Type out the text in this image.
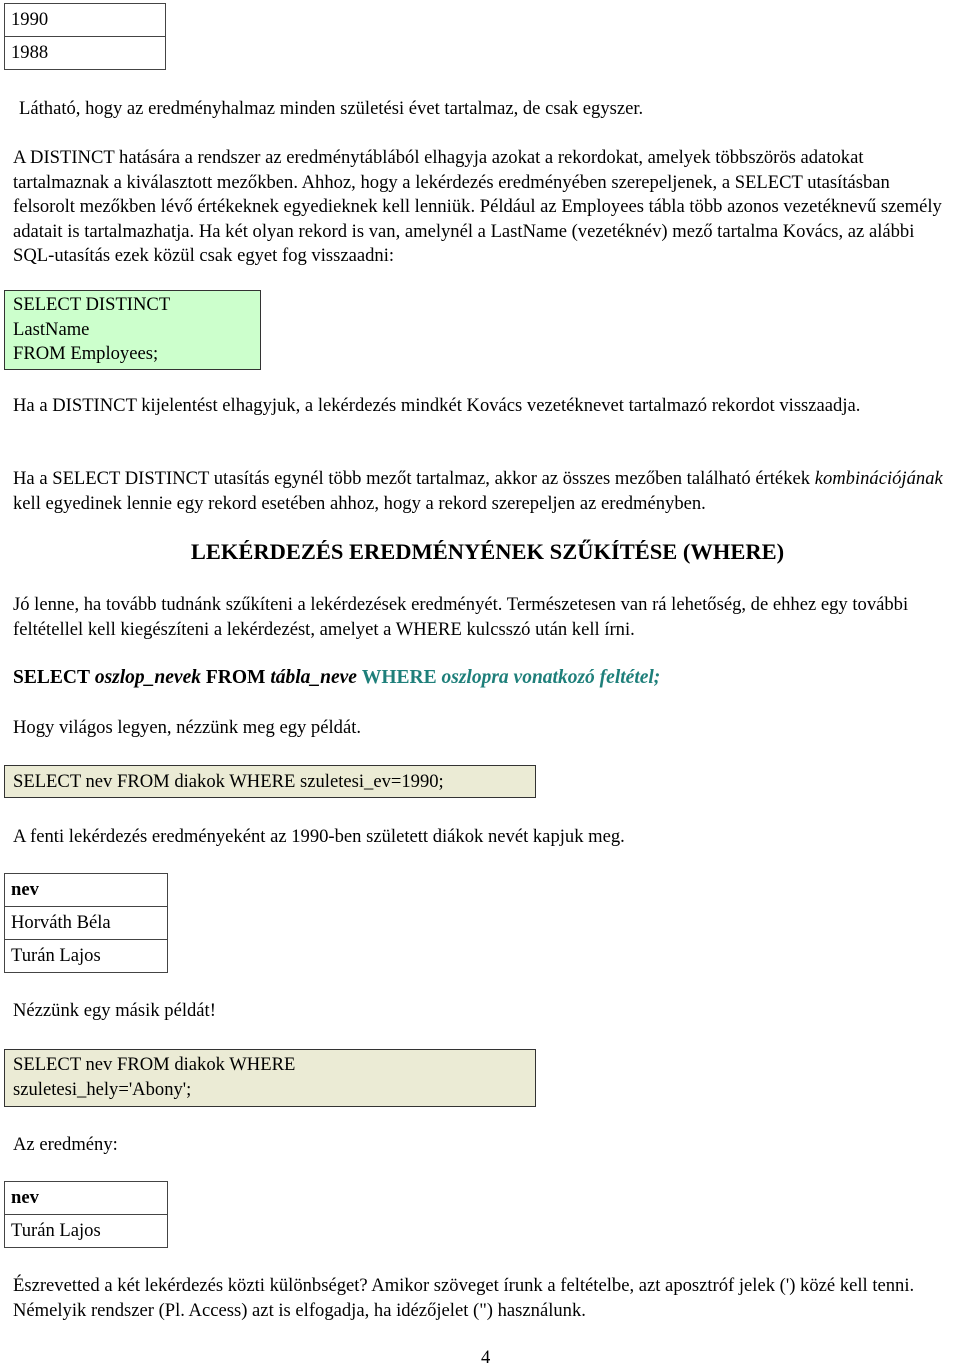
1990
1988

Látható, hogy az eredményhalmaz minden születési évet tartalmaz, de csak egyszer.

A DISTINCT hatására a rendszer az eredménytáblából elhagyja azokat a rekordokat, amelyek többszörös adatokat tartalmaznak a kiválasztott mezőkben. Ahhoz, hogy a lekérdezés eredményében szerepeljenek, a SELECT utasításban felsorolt mezőkben lévő értékeknek egyedieknek kell lenniük. Például az Employees tábla több azonos vezetéknevű személy adatait is tartalmazhatja. Ha két olyan rekord is van, amelynél a LastName (vezetéknév) mező tartalma Kovács, az alábbi SQL-utasítás ezek közül csak egyet fog visszaadni:

SELECT DISTINCT
LastName
FROM Employees;

Ha a DISTINCT kijelentést elhagyjuk, a lekérdezés mindkét Kovács vezetéknevet tartalmazó rekordot visszaadja.

Ha a SELECT DISTINCT utasítás egynél több mezőt tartalmaz, akkor az összes mezőben található értékek kombinációjának kell egyedinek lennie egy rekord esetében ahhoz, hogy a rekord szerepeljen az eredményben.

LEKÉRDEZÉS EREDMÉNYÉNEK SZŰKÍTÉSE (WHERE)

Jó lenne, ha tovább tudnánk szűkíteni a lekérdezések eredményét. Természetesen van rá lehetőség, de ehhez egy további feltétellel kell kiegészíteni a lekérdezést, amelyet a WHERE kulcsszó után kell írni.

SELECT oszlop_nevek FROM tábla_neve WHERE oszlopra vonatkozó feltétel;

Hogy világos legyen, nézzünk meg egy példát.

SELECT nev FROM diakok WHERE szuletesi_ev=1990;

A fenti lekérdezés eredményeként az 1990-ben született diákok nevét kapjuk meg.

nev
Horváth Béla
Turán Lajos

Nézzünk egy másik példát!

SELECT nev FROM diakok WHERE
szuletesi_hely='Abony';

Az eredmény:

nev
Turán Lajos

Észrevetted a két lekérdezés közti különbséget? Amikor szöveget írunk a feltételbe, azt aposztróf jelek (') közé kell tenni. Némelyik rendszer (Pl. Access) azt is elfogadja, ha idézőjelet (") használunk.

4
